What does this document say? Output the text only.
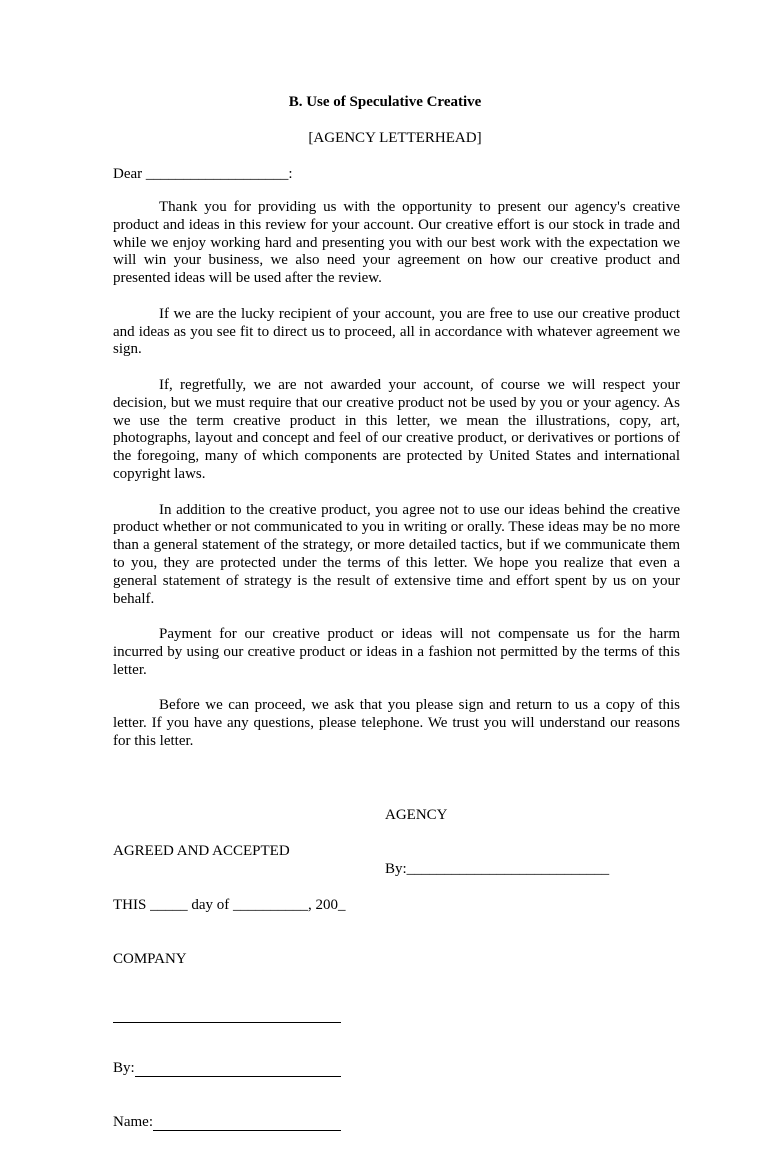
B. Use of Speculative Creative
[AGENCY LETTERHEAD]
Dear ___________________:

Thank you for providing us with the opportunity to present our agency's creative product and ideas in this review for your account. Our creative effort is our stock in trade and while we enjoy working hard and presenting you with our best work with the expectation we will win your business, we also need your agreement on how our creative product and presented ideas will be used after the review.

If we are the lucky recipient of your account, you are free to use our creative product and ideas as you see fit to direct us to proceed, all in accordance with whatever agreement we sign.

If, regretfully, we are not awarded your account, of course we will respect your decision, but we must require that our creative product not be used by you or your agency. As we use the term creative product in this letter, we mean the illustrations, copy, art, photographs, layout and concept and feel of our creative product, or derivatives or portions of the foregoing, many of which components are protected by United States and international copyright laws.

In addition to the creative product, you agree not to use our ideas behind the creative product whether or not communicated to you in writing or orally. These ideas may be no more than a general statement of the strategy, or more detailed tactics, but if we communicate them to you, they are protected under the terms of this letter. We hope you realize that even a general statement of strategy is the result of extensive time and effort spent by us on your behalf.

Payment for our creative product or ideas will not compensate us for the harm incurred by using our creative product or ideas in a fashion not permitted by the terms of this letter.

Before we can proceed, we ask that you please sign and return to us a copy of this letter. If you have any questions, please telephone. We trust you will understand our reasons for this letter.

AGENCY

By:___________________________

AGREED AND ACCEPTED

THIS _____ day of __________, 200_

COMPANY

By:

Name:
